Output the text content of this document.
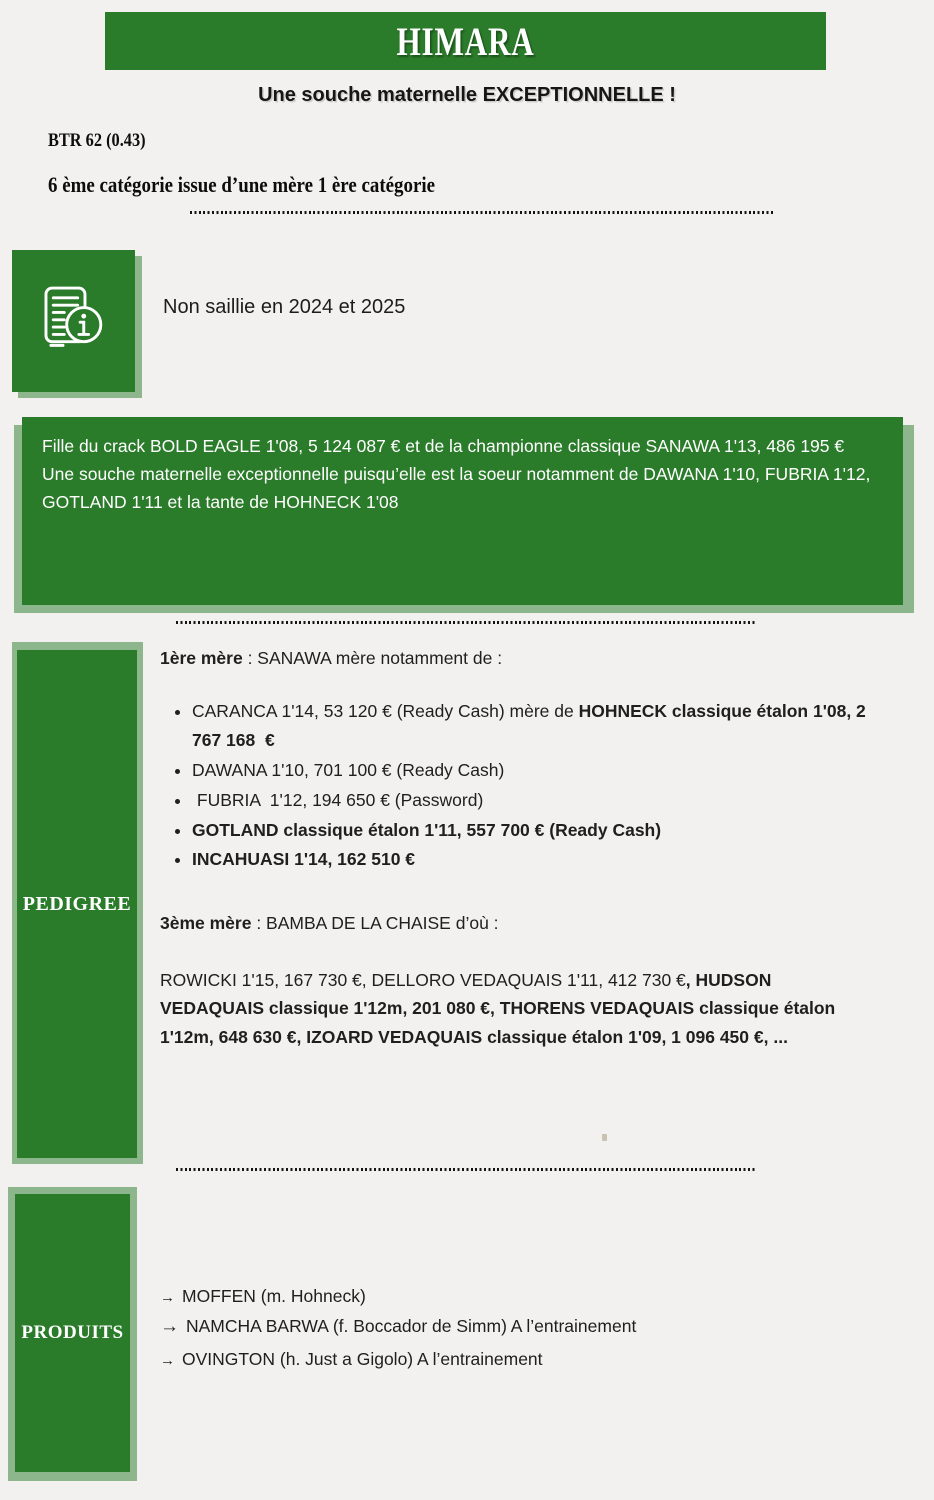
HIMARA
Une souche maternelle EXCEPTIONNELLE !
BTR 62 (0.43)
6 ème catégorie issue d’une mère 1 ère catégorie
Non saillie en 2024 et 2025

Fille du crack BOLD EAGLE 1'08, 5 124 087 € et de la championne classique SANAWA 1'13, 486 195 €

Une souche maternelle exceptionnelle puisqu’elle est la soeur notamment de DAWANA 1'10, FUBRIA 1'12, GOTLAND 1'11 et la tante de HOHNECK 1'08

PEDIGREE
1ère mère : SANAWA mère notamment de :
• CARANCA 1'14, 53 120 € (Ready Cash) mère de HOHNECK classique étalon 1'08, 2 767 168  €
• DAWANA 1'10, 701 100 € (Ready Cash)
•  FUBRIA  1'12, 194 650 € (Password)
• GOTLAND classique étalon 1'11, 557 700 € (Ready Cash)
• INCAHUASI 1'14, 162 510 €
3ème mère : BAMBA DE LA CHAISE d’où :

ROWICKI 1'15, 167 730 €, DELLORO VEDAQUAIS 1'11, 412 730 €, HUDSON VEDAQUAIS classique 1'12m, 201 080 €, THORENS VEDAQUAIS classique étalon 1'12m, 648 630 €, IZOARD VEDAQUAIS classique étalon 1'09, 1 096 450 €, ...

PRODUITS
→ MOFFEN (m. Hohneck)
→ NAMCHA BARWA (f. Boccador de Simm) A l’entrainement
→ OVINGTON (h. Just a Gigolo) A l’entrainement
